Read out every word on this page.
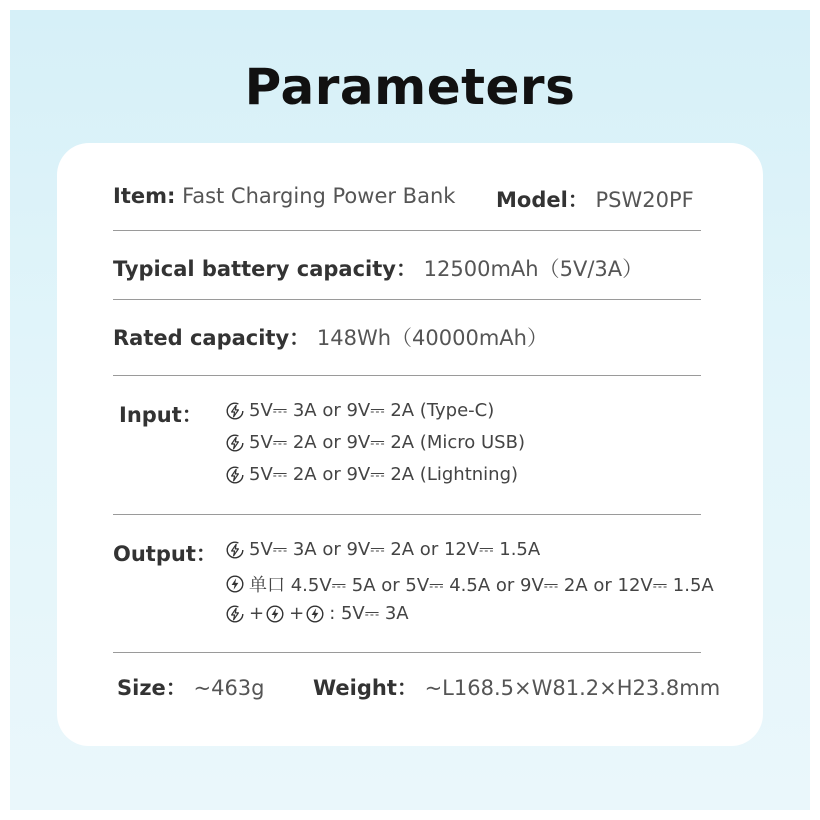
Parameters
Item: Fast Charging Power Bank Model： PSW20PF
Typical battery capacity： 12500mAh（5V/3A）
Rated capacity： 148Wh（40000mAh）
Input：	5V⎓ 3A or 9V⎓ 2A (Type-C)
5V⎓ 2A or 9V⎓ 2A (Micro USB)
5V⎓ 2A or 9V⎓ 2A (Lightning)
Output： 5V⎓ 3A or 9V⎓ 2A or 12V⎓ 1.5A
单口 4.5V⎓ 5A or 5V⎓ 4.5A or 9V⎓ 2A or 12V⎓ 1.5A
+ + : 5V⎓ 3A
Size： ~463g Weight： ~L168.5×W81.2×H23.8mm
